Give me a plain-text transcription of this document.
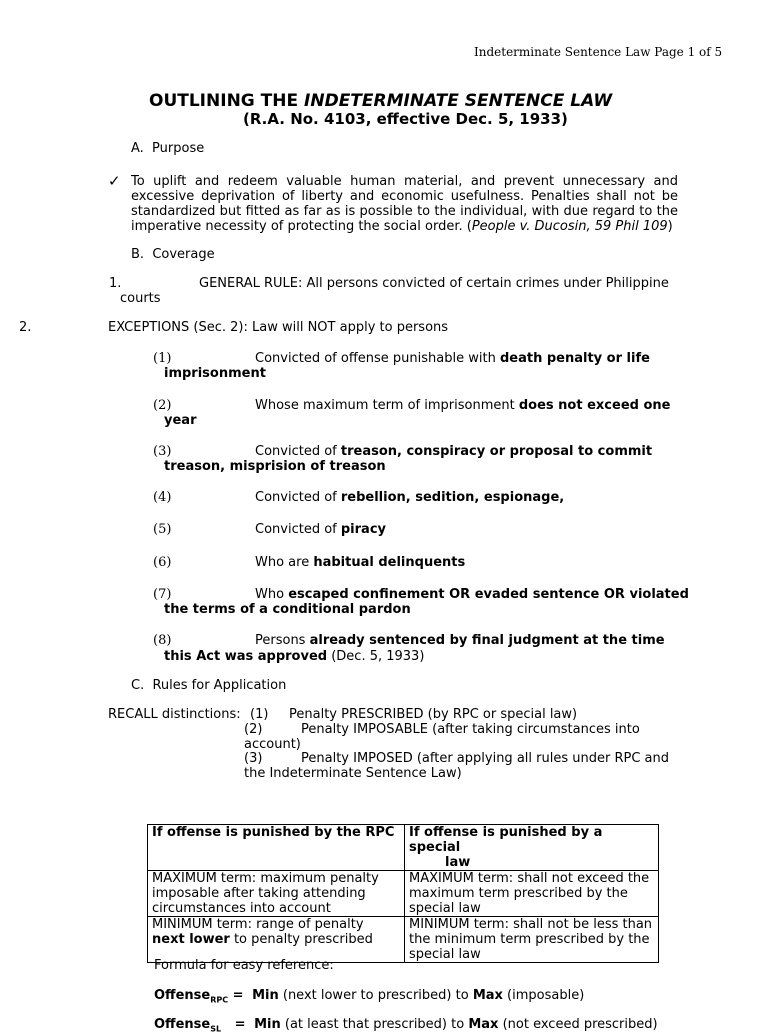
Indeterminate Sentence Law Page 1 of 5
OUTLINING THE INDETERMINATE SENTENCE LAW
(R.A. No. 4103, effective Dec. 5, 1933)
A.  Purpose
✓ To uplift and redeem valuable human material, and prevent unnecessary and excessive deprivation of liberty and economic usefulness. Penalties shall not be standardized but fitted as far as is possible to the individual, with due regard to the imperative necessity of protecting the social order. (People v. Ducosin, 59 Phil 109)
B.  Coverage
1.	GENERAL RULE: All persons convicted of certain crimes under Philippine
courts
2.	EXCEPTIONS (Sec. 2): Law will NOT apply to persons
(1)	Convicted of offense punishable with death penalty or life
imprisonment
(2)	Whose maximum term of imprisonment does not exceed one
year
(3)	Convicted of treason, conspiracy or proposal to commit
treason, misprision of treason
(4)	Convicted of rebellion, sedition, espionage,
(5)	Convicted of piracy
(6)	Who are habitual delinquents
(7)	Who escaped confinement OR evaded sentence OR violated
the terms of a conditional pardon
(8)	Persons already sentenced by final judgment at the time
this Act was approved (Dec. 5, 1933)
C.  Rules for Application
RECALL distinctions: (1) Penalty PRESCRIBED (by RPC or special law)
(2)	Penalty IMPOSABLE (after taking circumstances into
account)
(3)	Penalty IMPOSED (after applying all rules under RPC and
the Indeterminate Sentence Law)
If offense is punished by the RPC	If offense is punished by a special
law
MAXIMUM term: maximum penalty imposable after taking attending circumstances into account	MAXIMUM term: shall not exceed the maximum term prescribed by the special law
MINIMUM term: range of penalty
next lower to penalty prescribed	MINIMUM term: shall not be less than the minimum term prescribed by the special law
Formula for easy reference:
Offense$_{RPC}$ = Min (next lower to prescribed) to Max (imposable)
Offense$_{SL}$   = Min (at least that prescribed) to Max (not exceed prescribed)
